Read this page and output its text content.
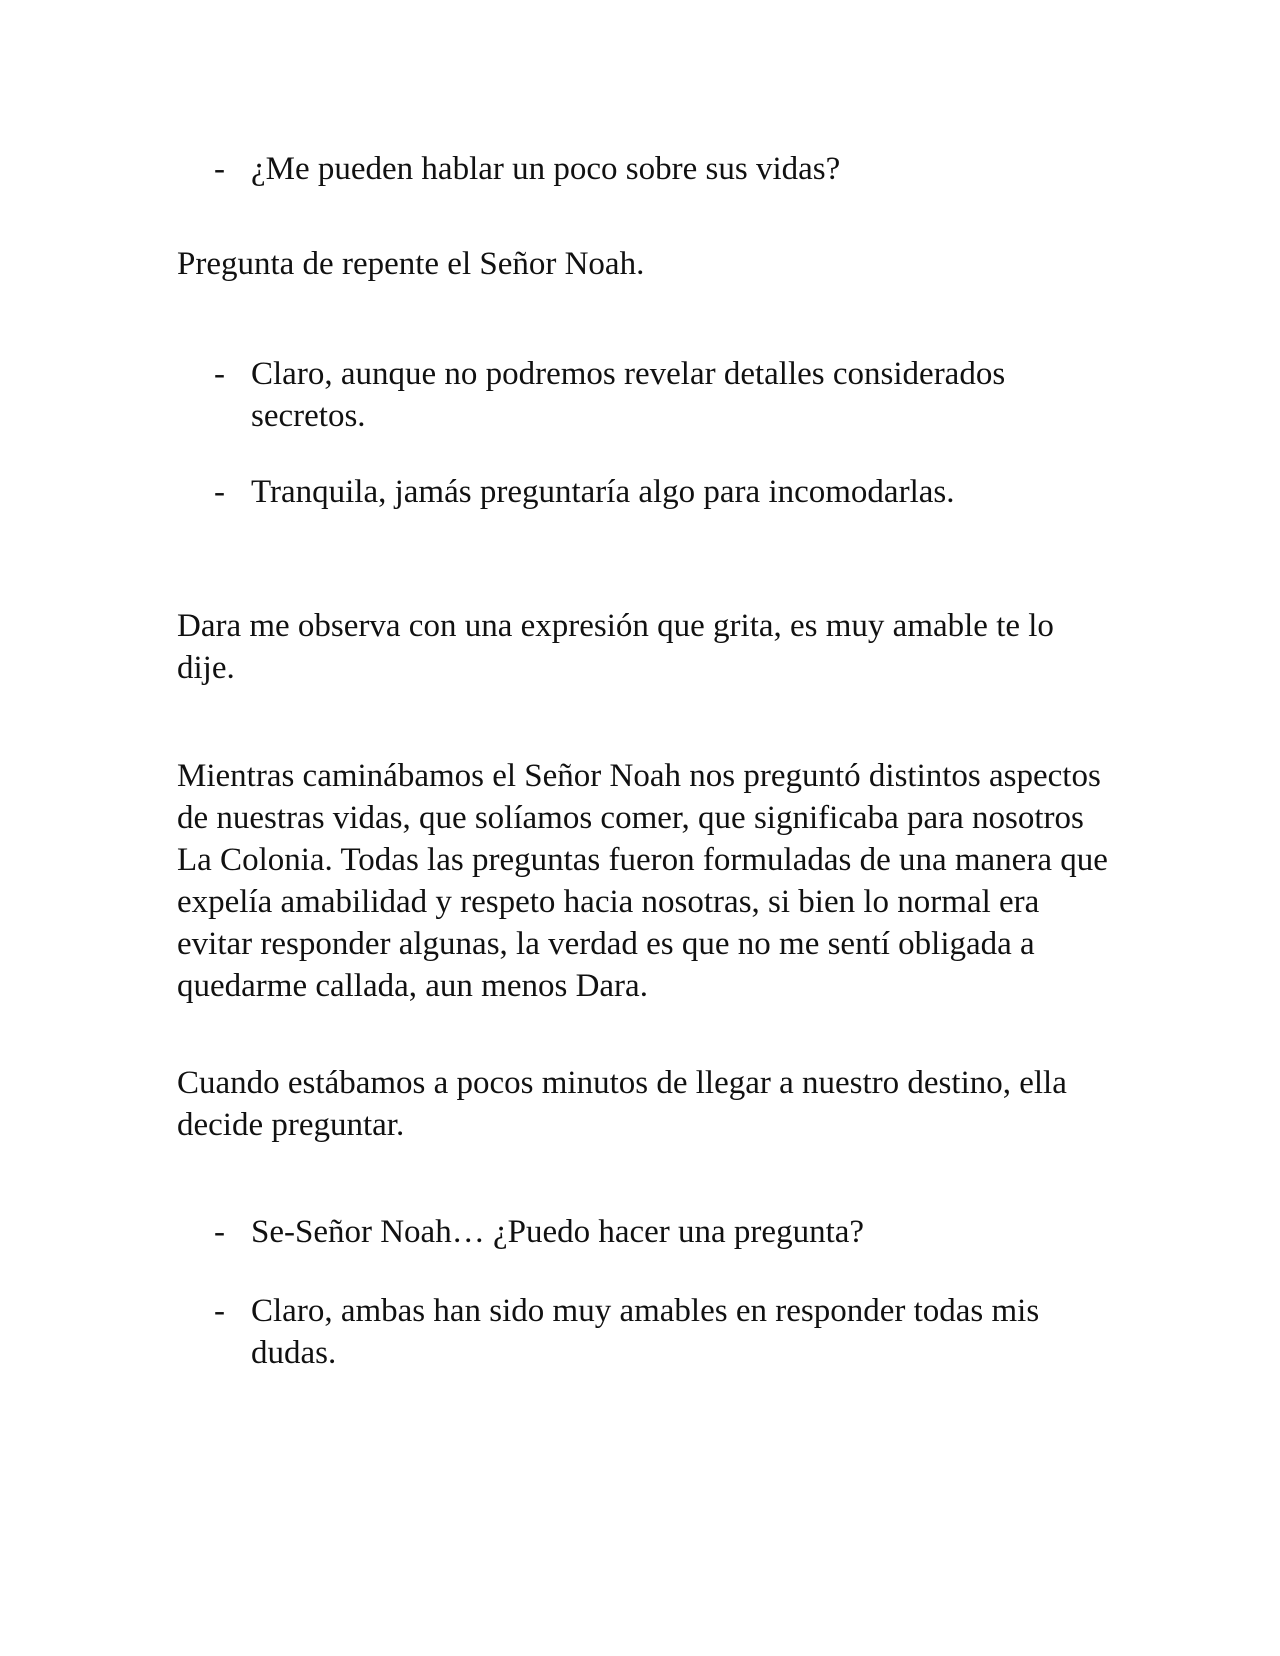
- ¿Me pueden hablar un poco sobre sus vidas?

Pregunta de repente el Señor Noah.

- Claro, aunque no podremos revelar detalles considerados secretos.
- Tranquila, jamás preguntaría algo para incomodarlas.

Dara me observa con una expresión que grita, es muy amable te lo dije.

Mientras caminábamos el Señor Noah nos preguntó distintos aspectos de nuestras vidas, que solíamos comer, que significaba para nosotros La Colonia. Todas las preguntas fueron formuladas de una manera que expelía amabilidad y respeto hacia nosotras, si bien lo normal era evitar responder algunas, la verdad es que no me sentí obligada a quedarme callada, aun menos Dara.

Cuando estábamos a pocos minutos de llegar a nuestro destino, ella decide preguntar.

- Se-Señor Noah… ¿Puedo hacer una pregunta?
- Claro, ambas han sido muy amables en responder todas mis dudas.
